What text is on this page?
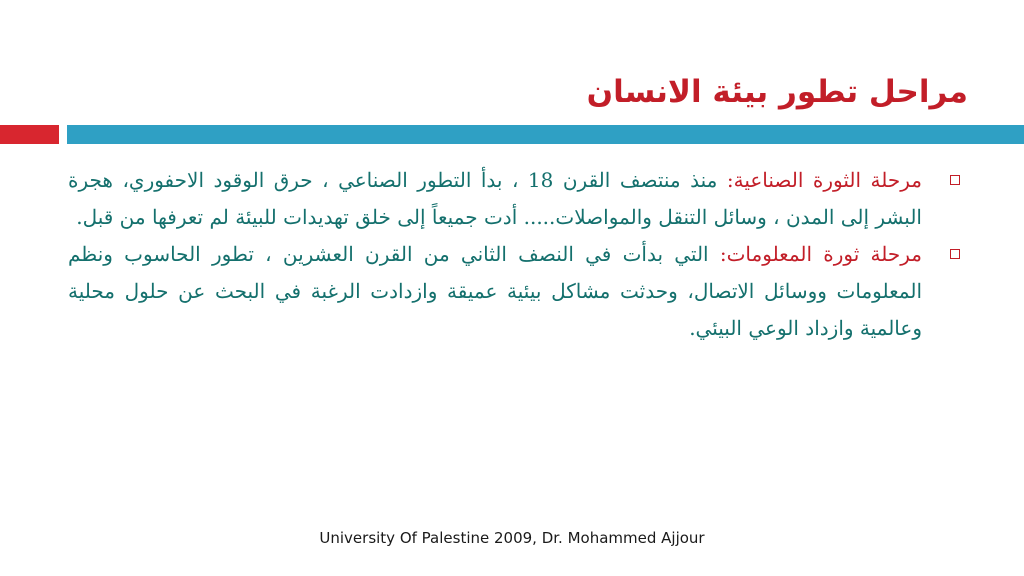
مراحل تطور بيئة الانسان
مرحلة الثورة الصناعية: منذ منتصف القرن 18 ، بدأ التطور الصناعي ، حرق الوقود الاحفوري، هجرة البشر إلى المدن ، وسائل التنقل والمواصلات..... أدت جميعاً إلى خلق تهديدات للبيئة لم تعرفها من قبل.
مرحلة ثورة المعلومات: التي بدأت في النصف الثاني من القرن العشرين ، تطور الحاسوب ونظم المعلومات ووسائل الاتصال، وحدثت مشاكل بيئية عميقة وازدادت الرغبة في البحث عن حلول محلية وعالمية وازداد الوعي البيئي.
University Of Palestine 2009, Dr. Mohammed Ajjour
